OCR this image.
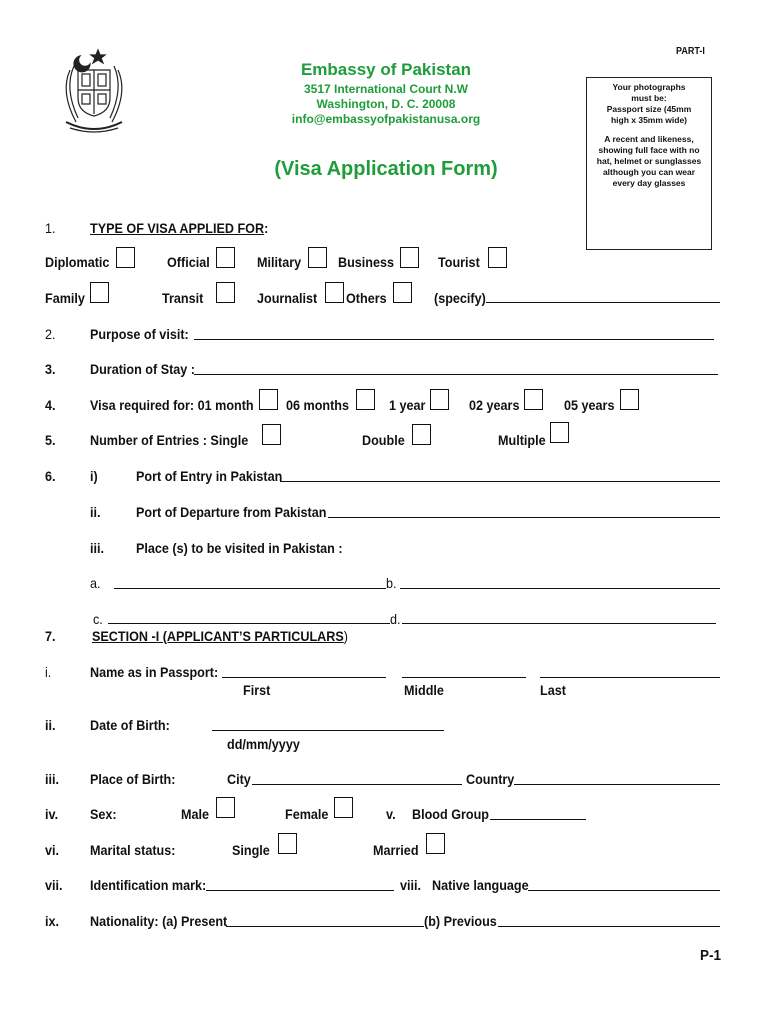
PART-I
Embassy of Pakistan
3517 International Court N.W
Washington, D. C. 20008
info@embassyofpakistanusa.org
(Visa Application Form)

Your photographs must be:

Passport size (45mm high x 35mm wide)

A recent and likeness, showing full face with no hat, helmet or sunglasses although you can wear every day glasses

1. TYPE OF VISA APPLIED FOR:
Diplomatic	Official	Military	Business	Tourist
Family	Transit	Journalist Others	(specify)
2. Purpose of visit:
3. Duration of Stay :
4. Visa required for: 01 month 06 months	1 year	02 years	05 years
5. Number of Entries : Single	Double	Multiple
6. i)	Port of Entry in Pakistan
ii.	Port of Departure from Pakistan
iii. Place (s) to be visited in Pakistan :
a.	b.
c.	d.
7.	SECTION -I (APPLICANT’S PARTICULARS)
i.	Name as in Passport:
First	Middle	Last
ii. Date of Birth:
dd/mm/yyyy
iii. Place of Birth:	City	Country
iv. Sex:	Male	Female	v. Blood Group
vi. Marital status:	Single	Married
vii. Identification mark:	viii. Native language
ix. Nationality: (a) Present	(b) Previous
P-1
